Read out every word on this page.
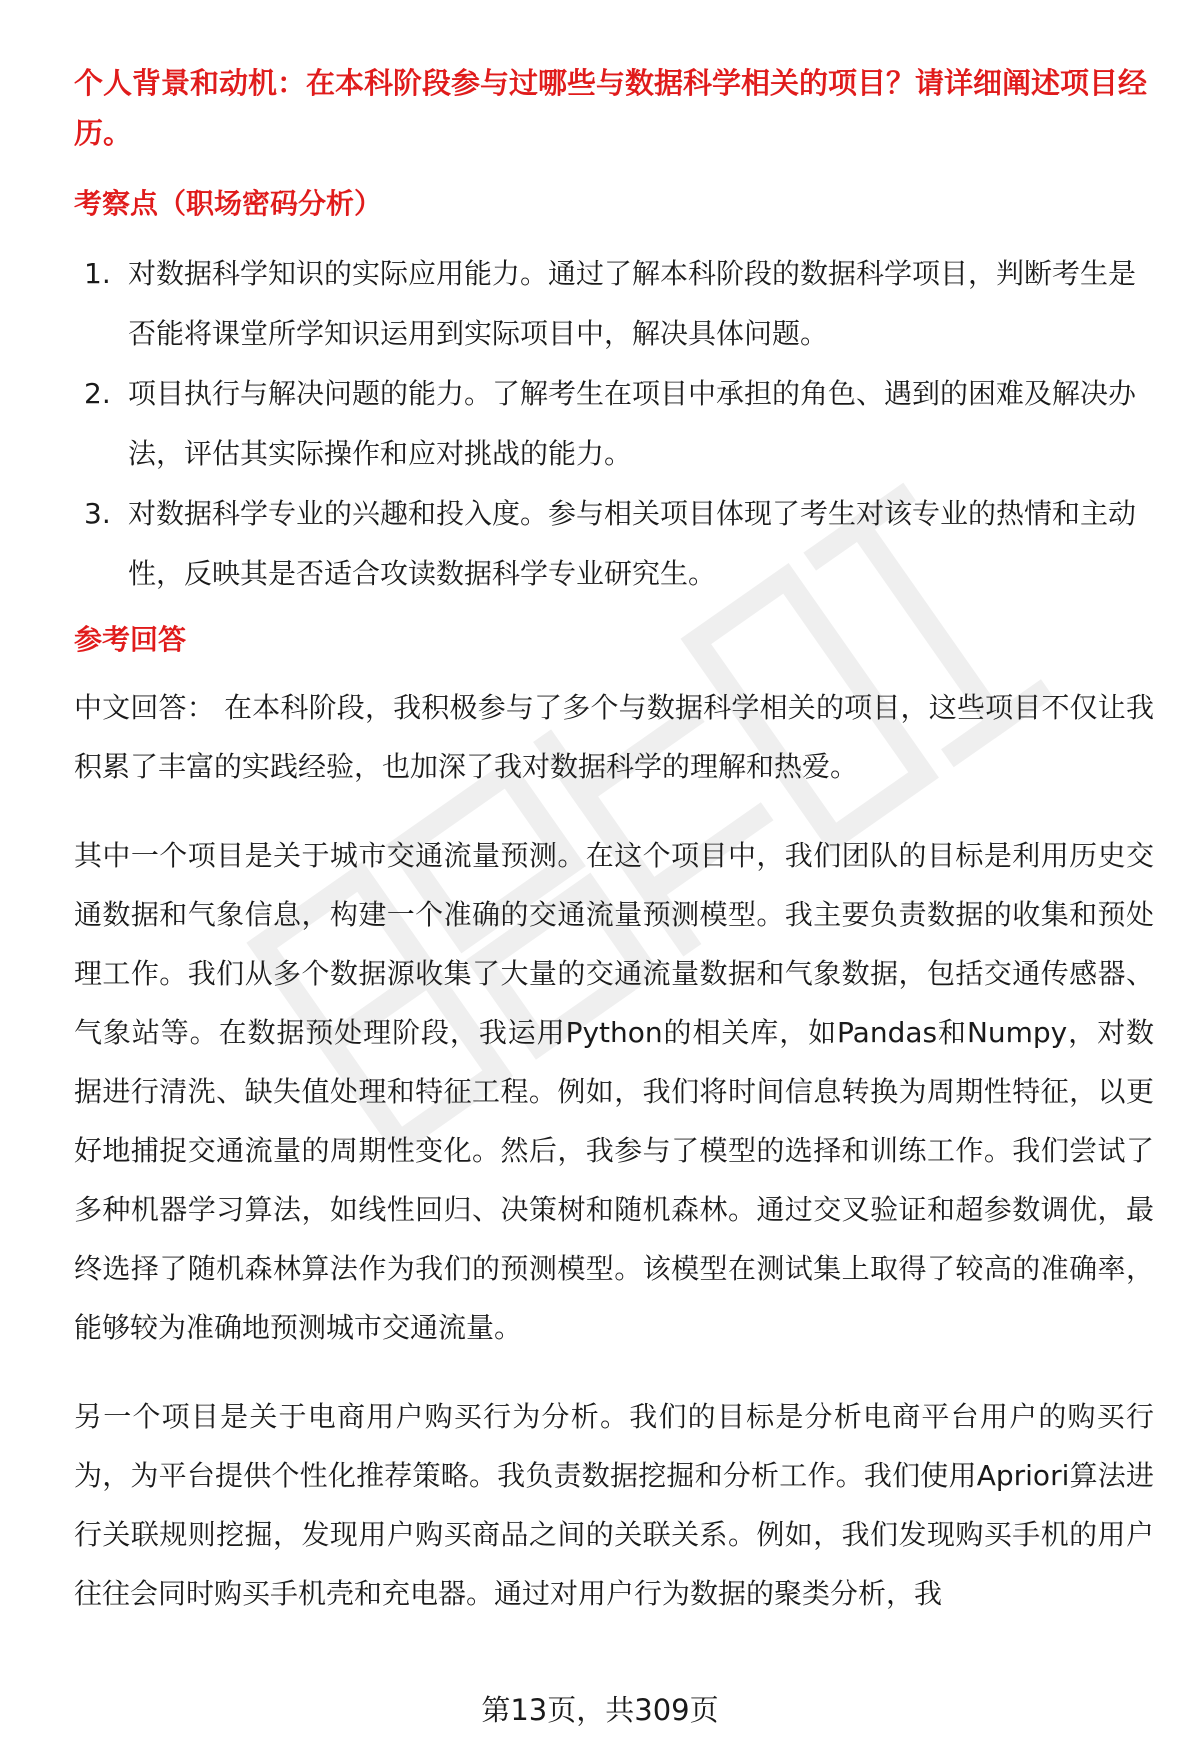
个人背景和动机：在本科阶段参与过哪些与数据科学相关的项目？请详细阐述项目经历。

考察点（职场密码分析）

1. 对数据科学知识的实际应用能力。通过了解本科阶段的数据科学项目，判断考生是否能将课堂所学知识运用到实际项目中，解决具体问题。
2. 项目执行与解决问题的能力。了解考生在项目中承担的角色、遇到的困难及解决办法，评估其实际操作和应对挑战的能力。
3. 对数据科学专业的兴趣和投入度。参与相关项目体现了考生对该专业的热情和主动性，反映其是否适合攻读数据科学专业研究生。

参考回答

中文回答： 在本科阶段，我积极参与了多个与数据科学相关的项目，这些项目不仅让我积累了丰富的实践经验，也加深了我对数据科学的理解和热爱。

其中一个项目是关于城市交通流量预测。在这个项目中，我们团队的目标是利用历史交通数据和气象信息，构建一个准确的交通流量预测模型。我主要负责数据的收集和预处理工作。我们从多个数据源收集了大量的交通流量数据和气象数据，包括交通传感器、气象站等。在数据预处理阶段，我运用Python的相关库，如Pandas和Numpy，对数据进行清洗、缺失值处理和特征工程。例如，我们将时间信息转换为周期性特征，以更好地捕捉交通流量的周期性变化。然后，我参与了模型的选择和训练工作。我们尝试了多种机器学习算法，如线性回归、决策树和随机森林。通过交叉验证和超参数调优，最终选择了随机森林算法作为我们的预测模型。该模型在测试集上取得了较高的准确率，能够较为准确地预测城市交通流量。

另一个项目是关于电商用户购买行为分析。我们的目标是分析电商平台用户的购买行为，为平台提供个性化推荐策略。我负责数据挖掘和分析工作。我们使用Apriori算法进行关联规则挖掘，发现用户购买商品之间的关联关系。例如，我们发现购买手机的用户往往会同时购买手机壳和充电器。通过对用户行为数据的聚类分析，我

第13页，共309页
